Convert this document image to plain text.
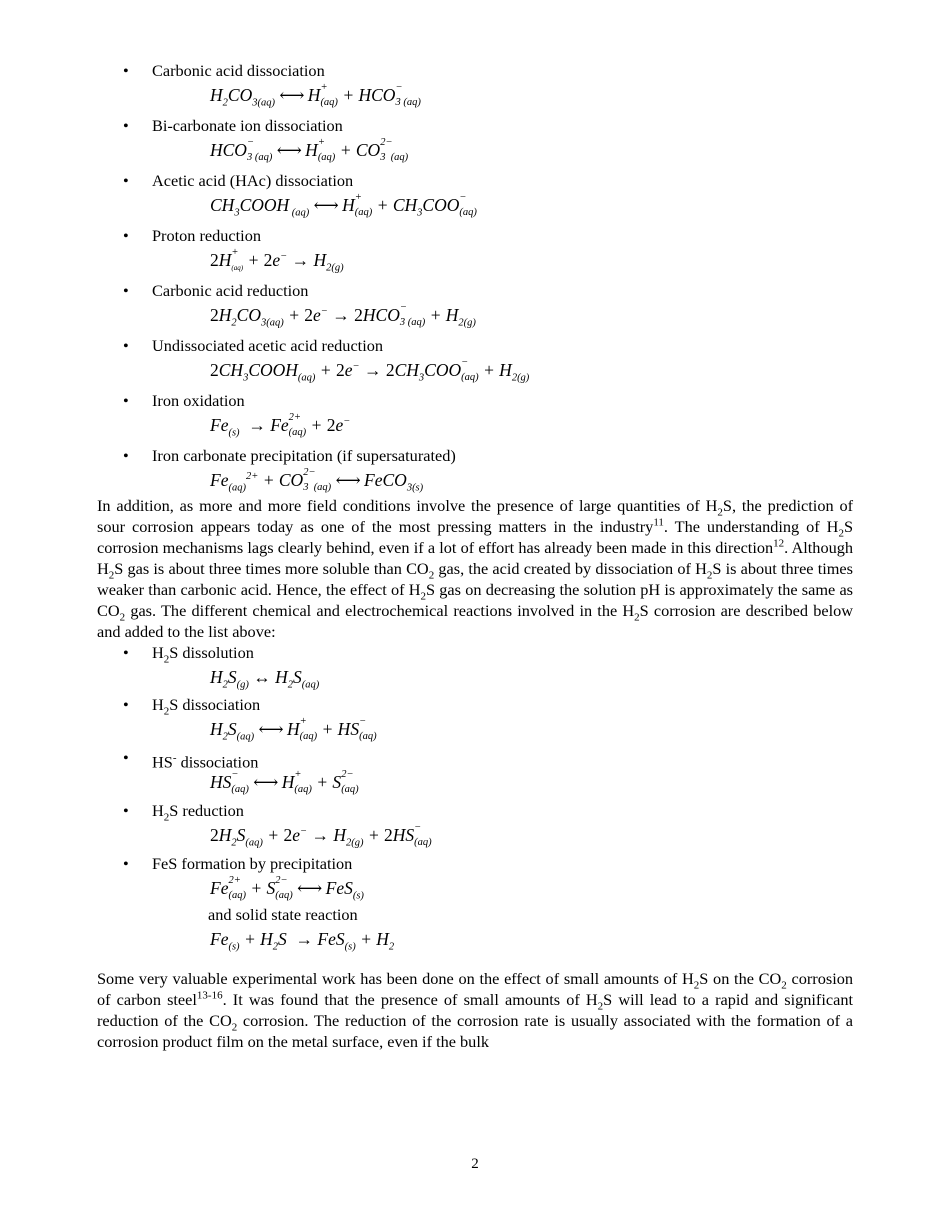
• Carbonic acid dissociation
$H_2CO_{3(aq)}$ ⟷ H +
(aq) + HCO −
3 (aq)
• Bi-carbonate ion dissociation
HCO −
3 (aq) ⟷ H +
(aq) + CO 2−
3  (aq)
• Acetic acid (HAc) dissociation
$CH_3COOH$ $_{(aq)}$ ⟷ H +
$(aq) + CH_3COO$ −
(aq)
• Proton reduction
2H +
$(aq) + 2e^- \to H_{2(g)}$
• Carbonic acid reduction
$2H_2CO_{3(aq)} + 2e^- \to 2HCO$ −
3 $(aq) + H_{2(g)}$
• Undissociated acetic acid reduction
$2CH_3COOH_{(aq)} + 2e^- \to 2CH_3COO$ −
$(aq) + H_{2(g)}$
• Iron oxidation
$Fe_{(s)} \to Fe$ 2+
(aq) + 2e−
• Iron carbonate precipitation (if supersaturated)
$Fe_{(aq)}^{2+}$ + CO 2−
3  (aq) ⟷ FeCO$_{3(s)}$

In addition, as more and more field conditions involve the presence of large quantities of $H_2S$, the prediction of sour corrosion appears today as one of the most pressing matters in the industry$^{11}$. The understanding of $H_2S$ corrosion mechanisms lags clearly behind, even if a lot of effort has already been made in this direction$^{12}$. Although $H_2S$ gas is about three times more soluble than $CO_2$ gas, the acid created by dissociation of $H_2S$ is about three times weaker than carbonic acid. Hence, the effect of $H_2S$ gas on decreasing the solution pH is approximately the same as $CO_2$ gas. The different chemical and electrochemical reactions involved in the $H_2S$ corrosion are described below and added to the list above:

• $H_2S$ dissolution
$H_2S_{(g)}$ ↔ $H_2S_{(aq)}$
• $H_2S$ dissociation
$H_2S_{(aq)}$ ⟷ H +
(aq) + HS −
(aq)
• HS- dissociation
HS −
(aq) ⟷ H +
(aq) + S 2−
(aq)
• $H_2S$ reduction
$2H_2S_{(aq)} + 2e^- \to H_{2(g)} + 2HS$ −
(aq)
• FeS formation by precipitation
Fe 2+
(aq) + S 2−
(aq) ⟷ FeS$_{(s)}$
and solid state reaction
$Fe_{(s)} + H_2S \to FeS_{(s)} + H_2$

Some very valuable experimental work has been done on the effect of small amounts of $H_2S$ on the $CO_2$ corrosion of carbon steel$^{13-16}$. It was found that the presence of small amounts of $H_2S$ will lead to a rapid and significant reduction of the $CO_2$ corrosion. The reduction of the corrosion rate is usually associated with the formation of a corrosion product film on the metal surface, even if the bulk

2
